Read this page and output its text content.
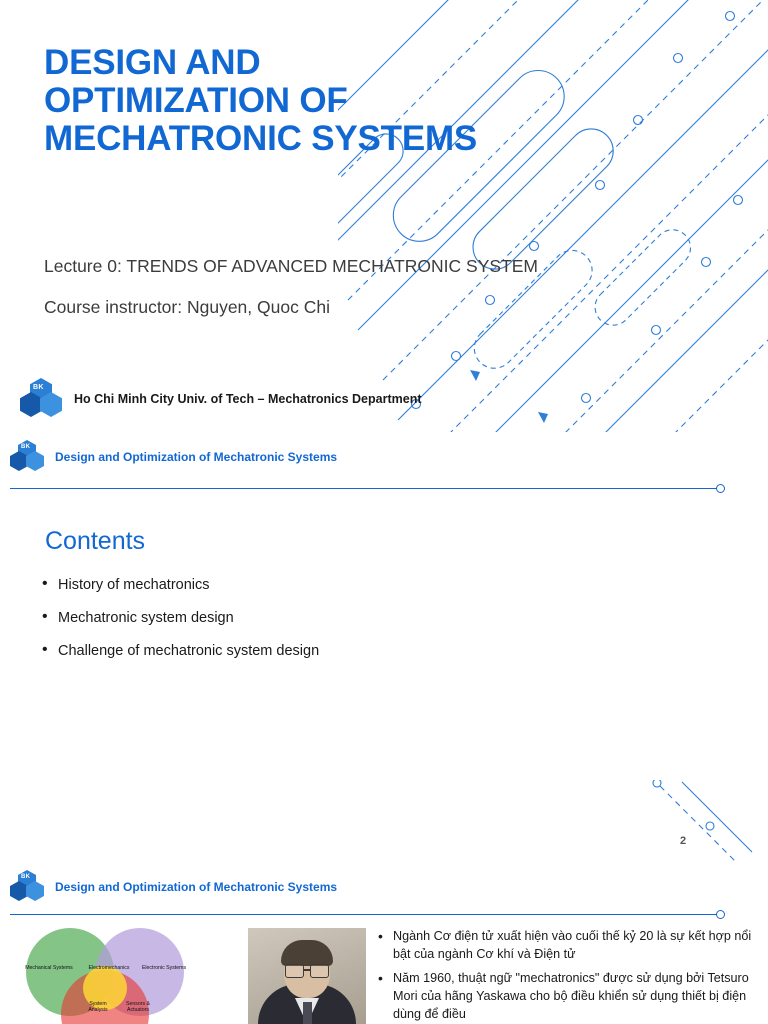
DESIGN AND OPTIMIZATION OF MECHATRONIC SYSTEMS
Lecture 0: TRENDS OF ADVANCED MECHATRONIC SYSTEM
Course instructor: Nguyen, Quoc Chi
BK
Ho Chi Minh City Univ. of Tech – Mechatronics Department
BK
Design and Optimization of Mechatronic Systems
Contents
• History of mechatronics
• Mechatronic system design
• Challenge of mechatronic system design
2
BK
Design and Optimization of Mechatronic Systems
Mechanical Systems	Electromechanics	Electronic Systems
System Analysis
Sensors & Actuators
• Ngành Cơ điện tử xuất hiện vào cuối thế kỷ 20 là sự kết hợp nổi bật của ngành Cơ khí và Điện tử
• Năm 1960, thuật ngữ "mechatronics" được sử dụng bởi Tetsuro Mori của hãng Yaskawa cho bộ điều khiển sử dụng thiết bị điện dùng để điều
